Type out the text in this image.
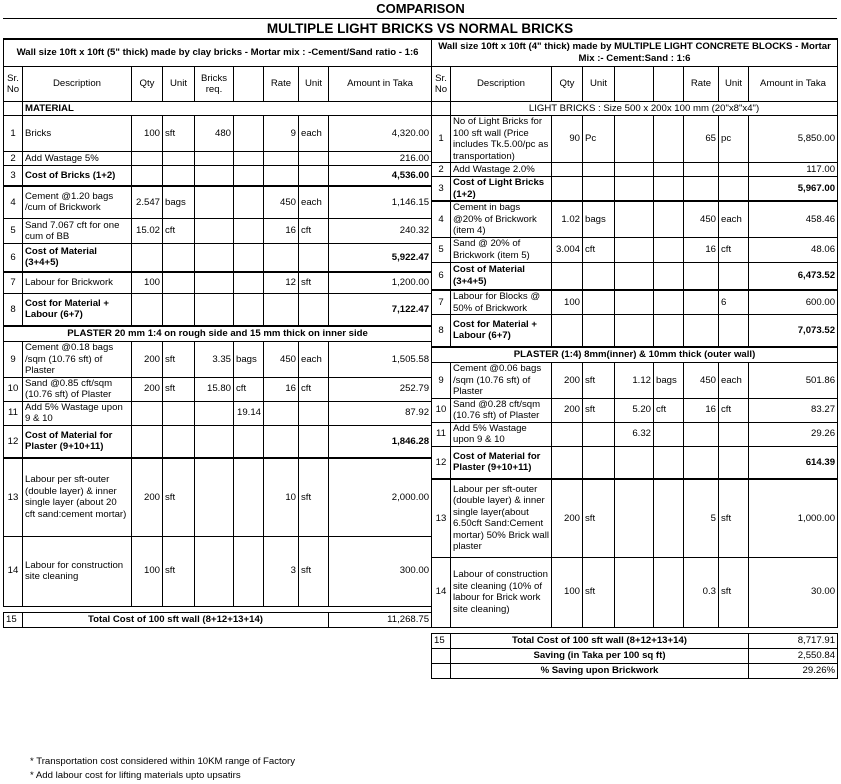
COMPARISON
MULTIPLE LIGHT BRICKS VS NORMAL BRICKS
Wall size 10ft x 10ft (5" thick) made by clay bricks - Mortar mix : -Cement/Sand ratio - 1:6								
Sr. No	Description	Qty	Unit	Bricks req.		Rate	Unit	Amount in Taka
	MATERIAL							
1	Bricks	100	sft	480		9	each	4,320.00
2	Add Wastage 5%							216.00
3	Cost of Bricks (1+2)							4,536.00
4	Cement @1.20 bags /cum of Brickwork	2.547	bags			450	each	1,146.15
5	Sand 7.067 cft for one cum of BB	15.02	cft			16	cft	240.32
6	Cost of Material (3+4+5)							5,922.47
7	Labour for Brickwork	100				12	sft	1,200.00
8	Cost for Material + Labour (6+7)							7,122.47
PLASTER 20 mm 1:4 on rough side and 15 mm thick on inner side								
9	Cement @0.18 bags /sqm (10.76 sft) of Plaster	200	sft	3.35	bags	450	each	1,505.58
10	Sand @0.85 cft/sqm (10.76 sft) of Plaster	200	sft	15.80	cft	16	cft	252.79
11	Add 5% Wastage upon 9 & 10				19.14			87.92
12	Cost of Material for Plaster (9+10+11)							1,846.28
13	Labour per sft-outer (double layer) & inner single layer (about 20 cft sand:cement mortar)	200	sft			10	sft	2,000.00
14	Labour for construction site cleaning	100	sft			3	sft	300.00

15	Total Cost of 100 sft wall (8+12+13+14)							11,268.75
Wall size 10ft x 10ft (4" thick) made by MULTIPLE LIGHT CONCRETE BLOCKS - Mortar Mix :- Cement:Sand : 1:6								
Sr. No	Description	Qty	Unit			Rate	Unit	Amount in Taka
	LIGHT BRICKS : Size 500 x 200x 100 mm (20"x8"x4")							
1	No of Light Bricks for 100 sft wall (Price includes Tk.5.00/pc as transportation)	90	Pc			65	pc	5,850.00
2	Add Wastage 2.0%							117.00
3	Cost of Light Bricks (1+2)							5,967.00
4	Cement in bags @20% of Brickwork (item 4)	1.02	bags			450	each	458.46
5	Sand @ 20% of Brickwork (item 5)	3.004	cft			16	cft	48.06
6	Cost of Material (3+4+5)							6,473.52
7	Labour for Blocks @ 50% of Brickwork	100					6	600.00
8	Cost for Material + Labour (6+7)							7,073.52
PLASTER (1:4) 8mm(inner) & 10mm thick (outer wall)								
9	Cement @0.06 bags /sqm (10.76 sft) of Plaster	200	sft	1.12	bags	450	each	501.86
10	Sand @0.28 cft/sqm (10.76 sft) of Plaster	200	sft	5.20	cft	16	cft	83.27
11	Add 5% Wastage upon 9 & 10			6.32				29.26
12	Cost of Material for Plaster (9+10+11)							614.39
13	Labour per sft-outer (double layer) & inner single layer(about 6.50cft Sand:Cement mortar) 50% Brick wall plaster	200	sft			5	sft	1,000.00
14	Labour of construction site cleaning (10% of labour for Brick work site cleaning)	100	sft			0.3	sft	30.00

15	Total Cost of 100 sft wall (8+12+13+14)							8,717.91
	Saving (in Taka per 100 sq ft)							2,550.84
	% Saving upon Brickwork							29.26%
* Transportation cost considered within 10KM range of Factory
* Add labour cost for lifting materials upto upsatirs
